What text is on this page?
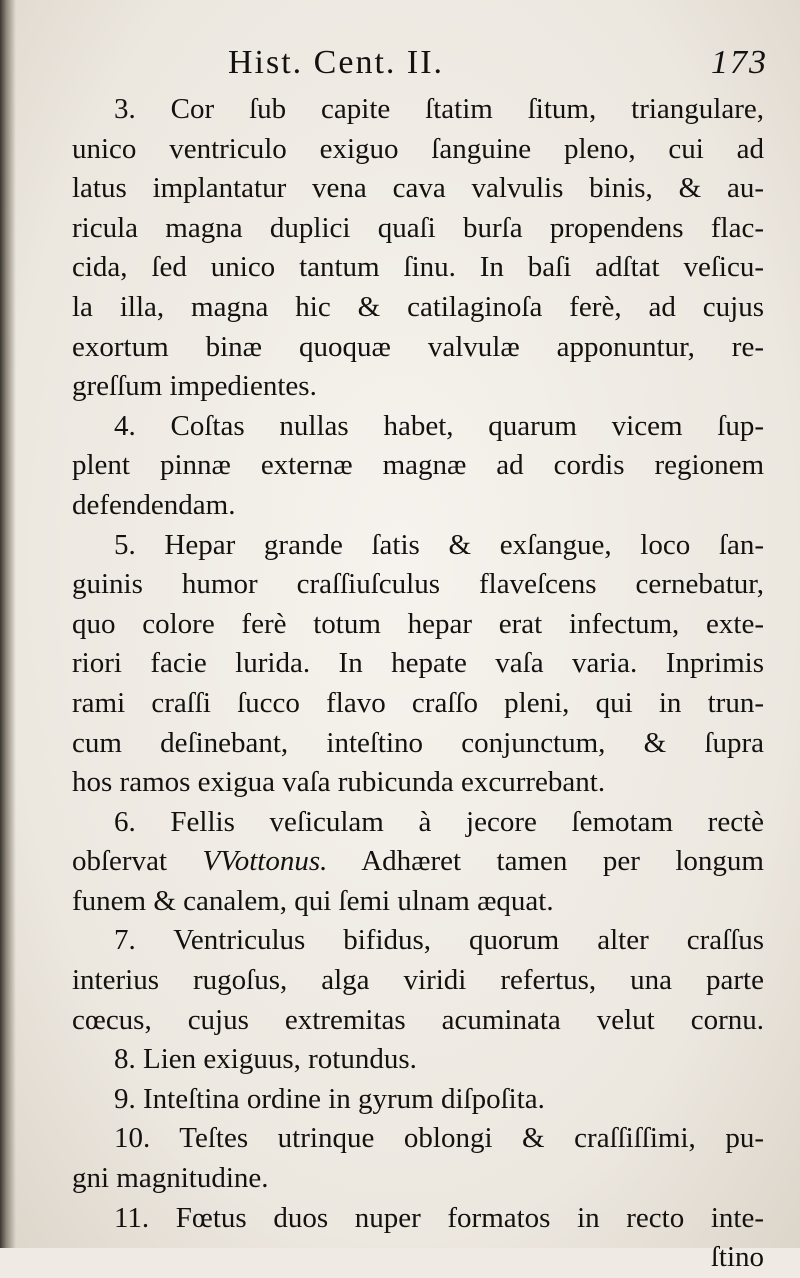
Hist. Cent. II.	173
3. Cor ſub capite ſtatim ſitum, triangulare,
unico ventriculo exiguo ſanguine pleno, cui ad
latus implantatur vena cava valvulis binis, & au-
ricula magna duplici quaſi burſa propendens flac-
cida, ſed unico tantum ſinu. In baſi adſtat veſicu-
la illa, magna hic & catilaginoſa ferè, ad cujus
exortum binæ quoquæ valvulæ apponuntur, re-
greſſum impedientes.
4. Coſtas nullas habet, quarum vicem ſup-
plent pinnæ externæ magnæ ad cordis regionem
defendendam.
5. Hepar grande ſatis & exſangue, loco ſan-
guinis humor craſſiuſculus flaveſcens cernebatur,
quo colore ferè totum hepar erat infectum, exte-
riori facie lurida. In hepate vaſa varia. Inprimis
rami craſſi ſucco flavo craſſo pleni, qui in trun-
cum deſinebant, inteſtino conjunctum, & ſupra
hos ramos exigua vaſa rubicunda excurrebant.
6. Fellis veſiculam à jecore ſemotam rectè
obſervat VVottonus. Adhæret tamen per longum
funem & canalem, qui ſemi ulnam æquat.
7. Ventriculus bifidus, quorum alter craſſus
interius rugoſus, alga viridi refertus, una parte
cœcus, cujus extremitas acuminata velut cornu.
8. Lien exiguus, rotundus.
9. Inteſtina ordine in gyrum diſpoſita.
10. Teſtes utrinque oblongi & craſſiſſimi, pu-
gni magnitudine.
11. Fœtus duos nuper formatos in recto inte-
ſtino
